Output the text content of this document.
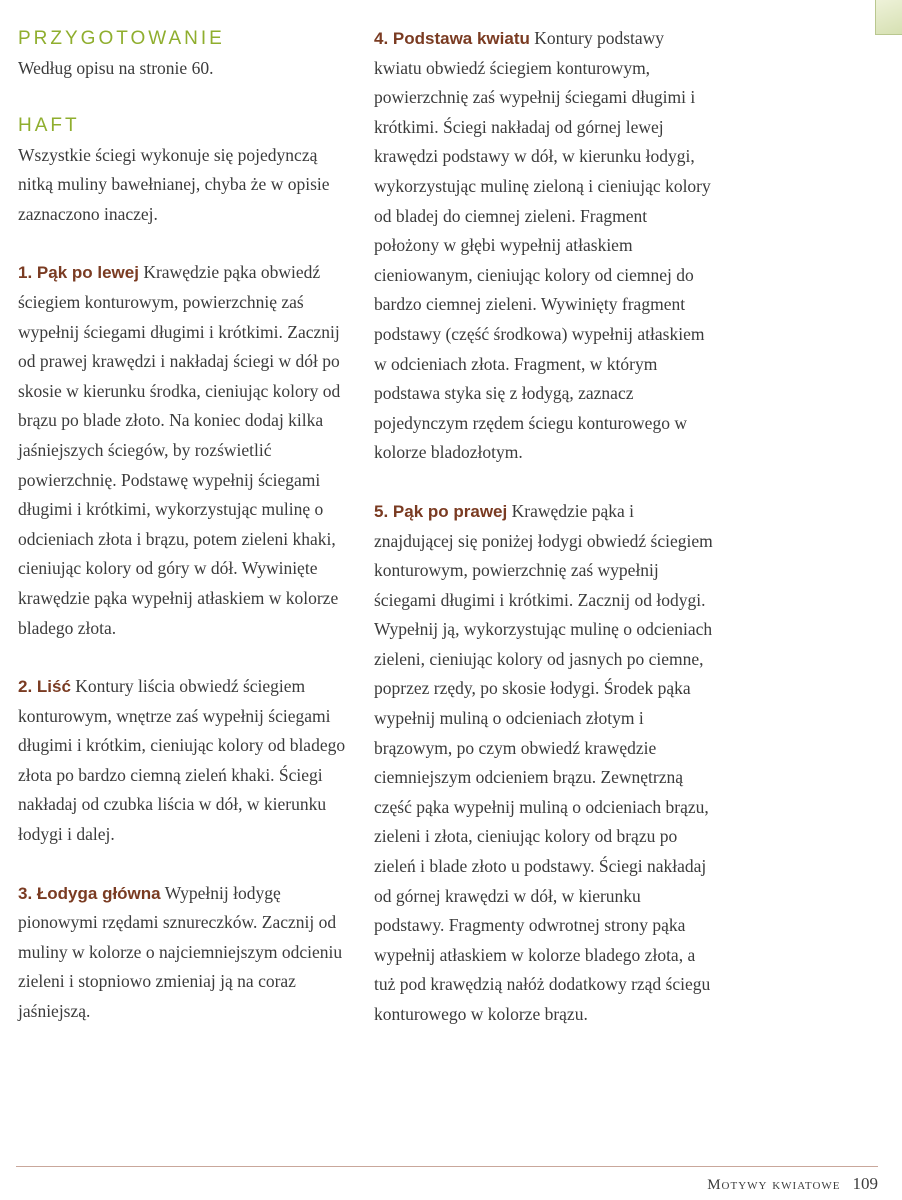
PRZYGOTOWANIE

Według opisu na stronie 60.

HAFT

Wszystkie ściegi wykonuje się pojedynczą nitką muliny bawełnianej, chyba że w opisie zaznaczono inaczej.

1. Pąk po lewej Krawędzie pąka obwiedź ściegiem konturowym, powierzchnię zaś wypełnij ściegami długimi i krótkimi. Zacznij od prawej krawędzi i nakładaj ściegi w dół po skosie w kierunku środka, cieniując kolory od brązu po blade złoto. Na koniec dodaj kilka jaśniejszych ściegów, by rozświetlić powierzchnię. Podstawę wypełnij ściegami długimi i krótkimi, wykorzystując mulinę o odcieniach złota i brązu, potem zieleni khaki, cieniując kolory od góry w dół. Wywinięte krawędzie pąka wypełnij atłaskiem w kolorze bladego złota.

2. Liść Kontury liścia obwiedź ściegiem konturowym, wnętrze zaś wypełnij ściegami długimi i krótkim, cieniując kolory od bladego złota po bardzo ciemną zieleń khaki. Ściegi nakładaj od czubka liścia w dół, w kierunku łodygi i dalej.

3. Łodyga główna Wypełnij łodygę pionowymi rzędami sznureczków. Zacznij od muliny w kolorze o najciemniejszym odcieniu zieleni i stopniowo zmieniaj ją na coraz jaśniejszą.

4. Podstawa kwiatu Kontury podstawy kwiatu obwiedź ściegiem konturowym, powierzchnię zaś wypełnij ściegami długimi i krótkimi. Ściegi nakładaj od górnej lewej krawędzi podstawy w dół, w kierunku łodygi, wykorzystując mulinę zieloną i cieniując kolory od bladej do ciemnej zieleni. Fragment położony w głębi wypełnij atłaskiem cieniowanym, cieniując kolory od ciemnej do bardzo ciemnej zieleni. Wywinięty fragment podstawy (część środkowa) wypełnij atłaskiem w odcieniach złota. Fragment, w którym podstawa styka się z łodygą, zaznacz pojedynczym rzędem ściegu konturowego w kolorze bladozłotym.

5. Pąk po prawej Krawędzie pąka i znajdującej się poniżej łodygi obwiedź ściegiem konturowym, powierzchnię zaś wypełnij ściegami długimi i krótkimi. Zacznij od łodygi. Wypełnij ją, wykorzystując mulinę o odcieniach zieleni, cieniując kolory od jasnych po ciemne, poprzez rzędy, po skosie łodygi. Środek pąka wypełnij muliną o odcieniach złotym i brązowym, po czym obwiedź krawędzie ciemniejszym odcieniem brązu. Zewnętrzną część pąka wypełnij muliną o odcieniach brązu, zieleni i złota, cieniując kolory od brązu po zieleń i blade złoto u podstawy. Ściegi nakładaj od górnej krawędzi w dół, w kierunku podstawy. Fragmenty odwrotnej strony pąka wypełnij atłaskiem w kolorze bladego złota, a tuż pod krawędzią nałóż dodatkowy rząd ściegu konturowego w kolorze brązu.

Motywy kwiatowe 109
